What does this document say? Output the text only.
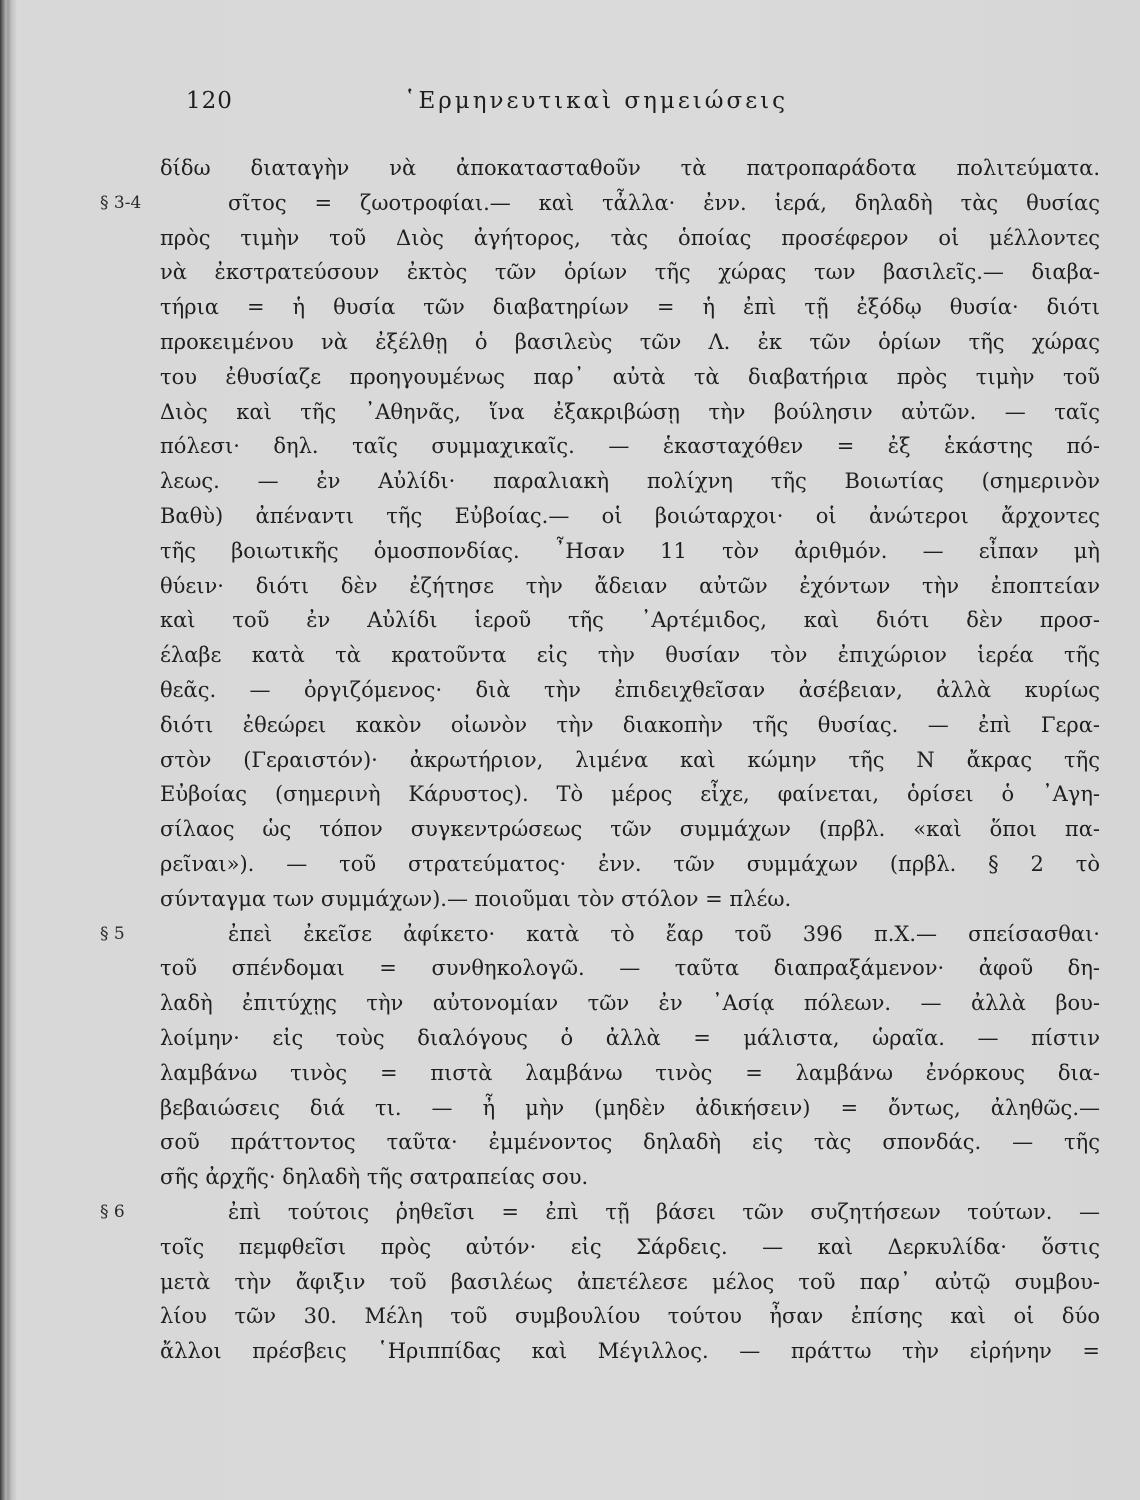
120	῾Ερμηνευτικαὶ σημειώσεις
δίδω διαταγὴν νὰ ἀποκατασταθοῦν τὰ πατροπαράδοτα πολιτεύματα.
§ 3-4	σῖτος = ζωοτροφίαι.— καὶ τἆλλα· ἐνν. ἱερά, δηλαδὴ τὰς θυσίας
πρὸς τιμὴν τοῦ Διὸς ἀγήτορος, τὰς ὁποίας προσέφερον οἱ μέλλοντες
νὰ ἐκστρατεύσουν ἐκτὸς τῶν ὁρίων τῆς χώρας των βασιλεῖς.— διαβα-
τήρια = ἡ θυσία τῶν διαβατηρίων = ἡ ἐπὶ τῇ ἐξόδῳ θυσία· διότι
προκειμένου νὰ ἐξέλθῃ ὁ βασιλεὺς τῶν Λ. ἐκ τῶν ὁρίων τῆς χώρας
του ἐθυσίαζε προηγουμένως παρ᾿ αὐτὰ τὰ διαβατήρια πρὸς τιμὴν τοῦ
Διὸς καὶ τῆς ᾿Αθηνᾶς, ἵνα ἐξακριβώσῃ τὴν βούλησιν αὐτῶν. — ταῖς
πόλεσι· δηλ. ταῖς συμμαχικαῖς. — ἑκασταχόθεν = ἐξ ἑκάστης πό-
λεως. — ἐν Αὐλίδι· παραλιακὴ πολίχνη τῆς Βοιωτίας (σημερινὸν
Βαθὺ) ἀπέναντι τῆς Εὐβοίας.— οἱ βοιώταρχοι· οἱ ἀνώτεροι ἄρχοντες
τῆς βοιωτικῆς ὁμοσπονδίας. ῏Ησαν 11 τὸν ἀριθμόν. — εἶπαν μὴ
θύειν· διότι δὲν ἐζήτησε τὴν ἄδειαν αὐτῶν ἐχόντων τὴν ἐποπτείαν
καὶ τοῦ ἐν Αὐλίδι ἱεροῦ τῆς ᾿Αρτέμιδος, καὶ διότι δὲν προσ-
έλαβε κατὰ τὰ κρατοῦντα εἰς τὴν θυσίαν τὸν ἐπιχώριον ἱερέα τῆς
θεᾶς. — ὀργιζόμενος· διὰ τὴν ἐπιδειχθεῖσαν ἀσέβειαν, ἀλλὰ κυρίως
διότι ἐθεώρει κακὸν οἰωνὸν τὴν διακοπὴν τῆς θυσίας. — ἐπὶ Γερα-
στὸν (Γεραιστόν)· ἀκρωτήριον, λιμένα καὶ κώμην τῆς Ν ἄκρας τῆς
Εὐβοίας (σημερινὴ Κάρυστος). Τὸ μέρος εἶχε, φαίνεται, ὁρίσει ὁ ᾿Αγη-
σίλαος ὡς τόπον συγκεντρώσεως τῶν συμμάχων (πρβλ. «καὶ ὅποι πα-
ρεῖναι»). — τοῦ στρατεύματος· ἐνν. τῶν συμμάχων (πρβλ. § 2 τὸ
σύνταγμα των συμμάχων).— ποιοῦμαι τὸν στόλον = πλέω.
§ 5	ἐπεὶ ἐκεῖσε ἀφίκετο· κατὰ τὸ ἔαρ τοῦ 396 π.Χ.— σπείσασθαι·
τοῦ σπένδομαι = συνθηκολογῶ. — ταῦτα διαπραξάμενον· ἀφοῦ δη-
λαδὴ ἐπιτύχῃς τὴν αὐτονομίαν τῶν ἐν ᾿Ασίᾳ πόλεων. — ἀλλὰ βου-
λοίμην· εἰς τοὺς διαλόγους ὁ ἀλλὰ = μάλιστα, ὡραῖα. — πίστιν
λαμβάνω τινὸς = πιστὰ λαμβάνω τινὸς = λαμβάνω ἐνόρκους δια-
βεβαιώσεις διά τι. — ἦ μὴν (μηδὲν ἀδικήσειν) = ὄντως, ἀληθῶς.—
σοῦ πράττοντος ταῦτα· ἐμμένοντος δηλαδὴ εἰς τὰς σπονδάς. — τῆς
σῆς ἀρχῆς· δηλαδὴ τῆς σατραπείας σου.
§ 6	ἐπὶ τούτοις ῥηθεῖσι = ἐπὶ τῇ βάσει τῶν συζητήσεων τούτων. —
τοῖς πεμφθεῖσι πρὸς αὐτόν· εἰς Σάρδεις. — καὶ Δερκυλίδα· ὅστις
μετὰ τὴν ἄφιξιν τοῦ βασιλέως ἀπετέλεσε μέλος τοῦ παρ᾿ αὐτῷ συμβου-
λίου τῶν 30. Μέλη τοῦ συμβουλίου τούτου ἦσαν ἐπίσης καὶ οἱ δύο
ἄλλοι πρέσβεις ῾Ηριππίδας καὶ Μέγιλλος. — πράττω τὴν εἰρήνην =
